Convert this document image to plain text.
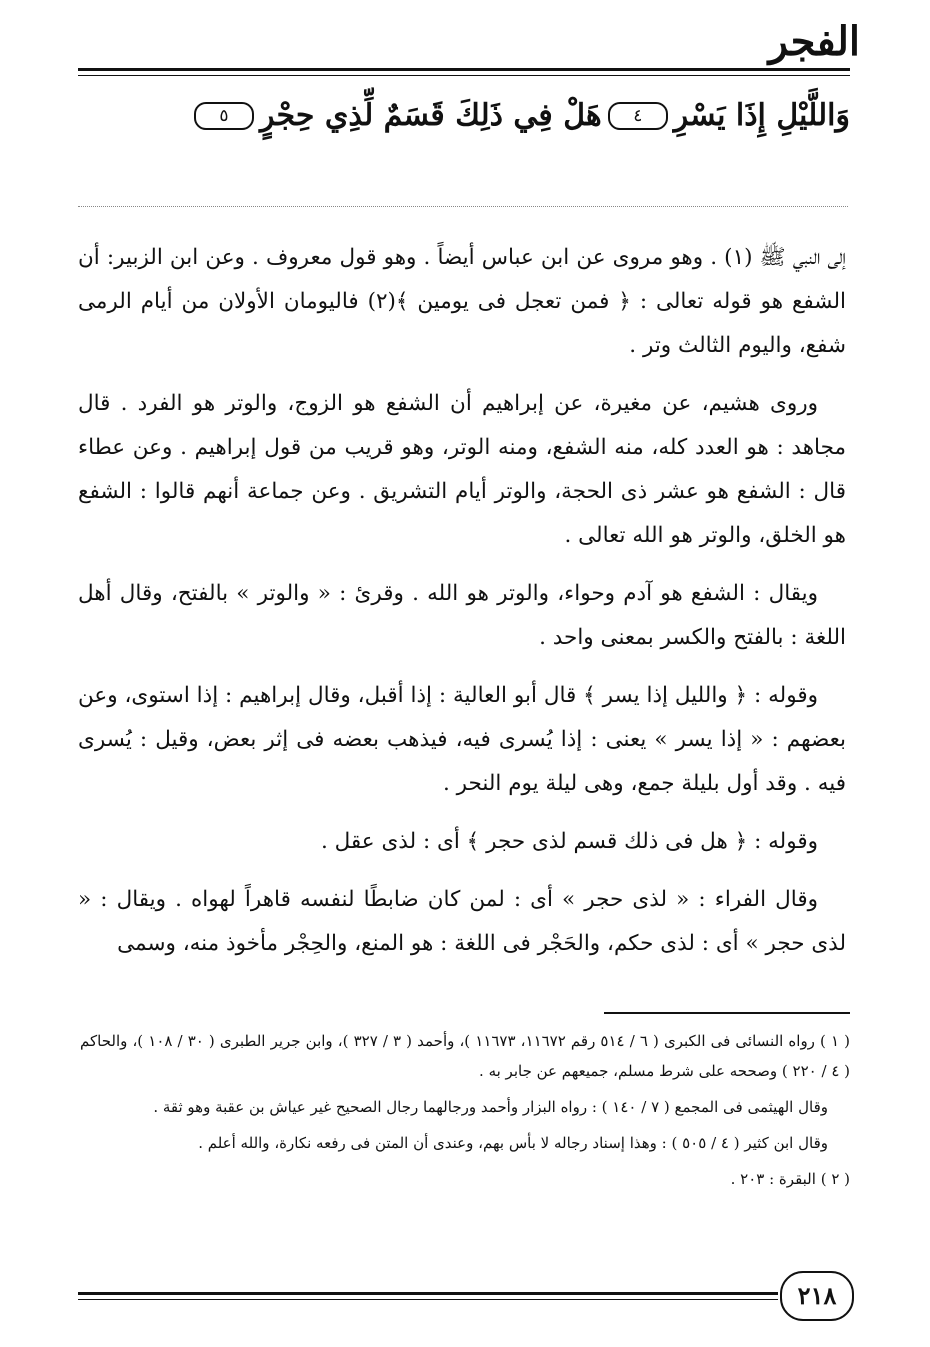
الفجر
وَاللَّيْلِ إِذَا يَسْرِ
٤
هَلْ فِي ذَلِكَ قَسَمٌ لِّذِي حِجْرٍ
٥

إلى النبي ﷺ (١) . وهو مروى عن ابن عباس أيضاً . وهو قول معروف . وعن ابن الزبير: أن الشفع هو قوله تعالى : ﴿ فمن تعجل فى يومين ﴾(٢) فاليومان الأولان من أيام الرمى شفع، واليوم الثالث وتر .

وروى هشيم، عن مغيرة، عن إبراهيم أن الشفع هو الزوج، والوتر هو الفرد . قال مجاهد : هو العدد كله، منه الشفع، ومنه الوتر، وهو قريب من قول إبراهيم . وعن عطاء قال : الشفع هو عشر ذى الحجة، والوتر أيام التشريق . وعن جماعة أنهم قالوا : الشفع هو الخلق، والوتر هو الله تعالى .

ويقال : الشفع هو آدم وحواء، والوتر هو الله . وقرئ : « والوتر » بالفتح، وقال أهل اللغة : بالفتح والكسر بمعنى واحد .

وقوله : ﴿ والليل إذا يسر ﴾ قال أبو العالية : إذا أقبل، وقال إبراهيم : إذا استوى، وعن بعضهم : « إذا يسر » يعنى : إذا يُسرى فيه، فيذهب بعضه فى إثر بعض، وقيل : يُسرى فيه . وقد أول بليلة جمع، وهى ليلة يوم النحر .

وقوله : ﴿ هل فى ذلك قسم لذى حجر ﴾ أى : لذى عقل .

وقال الفراء : « لذى حجر » أى : لمن كان ضابطًا لنفسه قاهراً لهواه . ويقال : « لذى حجر » أى : لذى حكم، والحَجْر فى اللغة : هو المنع، والحِجْر مأخوذ منه، وسمى

( ١ ) رواه النسائى فى الكبرى ( ٦ / ٥١٤ رقم ١١٦٧٢، ١١٦٧٣ )، وأحمد ( ٣ / ٣٢٧ )، وابن جرير الطبرى ( ٣٠ / ١٠٨ )، والحاكم ( ٤ / ٢٢٠ ) وصححه على شرط مسلم، جميعهم عن جابر به .

وقال الهيثمى فى المجمع ( ٧ / ١٤٠ ) : رواه البزار وأحمد ورجالهما رجال الصحيح غير عياش بن عقبة وهو ثقة .

وقال ابن كثير ( ٤ / ٥٠٥ ) : وهذا إسناد رجاله لا بأس بهم، وعندى أن المتن فى رفعه نكارة، والله أعلم .

( ٢ ) البقرة : ٢٠٣ .

٢١٨
